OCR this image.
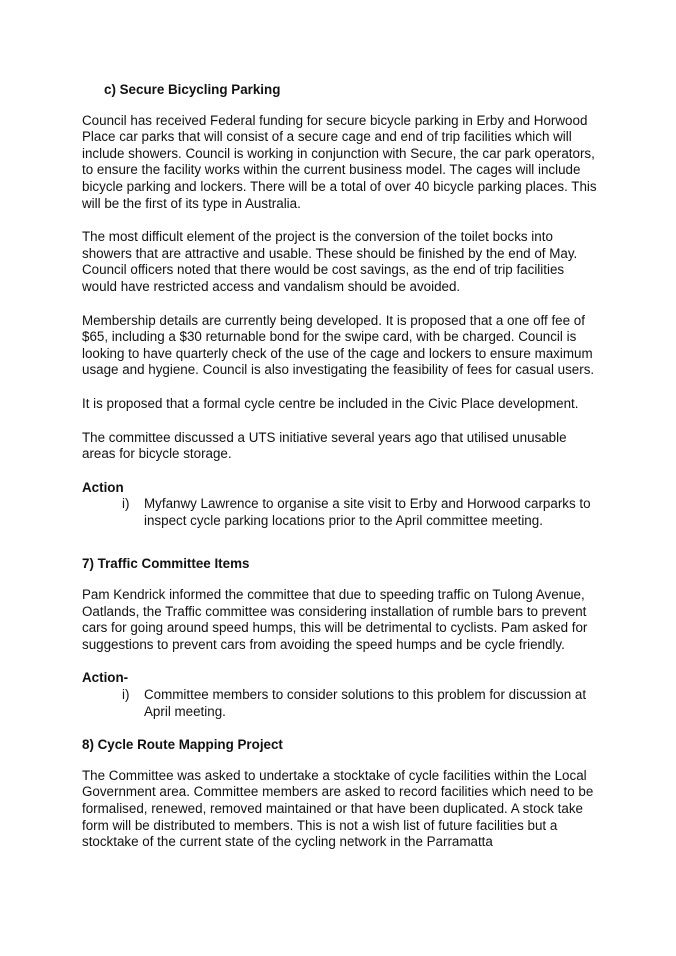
c) Secure Bicycling Parking

Council has received Federal funding for secure bicycle parking in Erby and Horwood Place car parks that will consist of a secure cage and end of trip facilities which will include showers. Council is working in conjunction with Secure, the car park operators, to ensure the facility works within the current business model. The cages will include bicycle parking and lockers. There will be a total of over 40 bicycle parking places. This will be the first of its type in Australia.

The most difficult element of the project is the conversion of the toilet bocks into showers that are attractive and usable. These should be finished by the end of May. Council officers noted that there would be cost savings, as the end of trip facilities would have restricted access and vandalism should be avoided.

Membership details are currently being developed. It is proposed that a one off fee of $65, including a $30 returnable bond for the swipe card, with be charged. Council is looking to have quarterly check of the use of the cage and lockers to ensure maximum usage and hygiene. Council is also investigating the feasibility of fees for casual users.

It is proposed that a formal cycle centre be included in the Civic Place development.

The committee discussed a UTS initiative several years ago that utilised unusable areas for bicycle storage.

Action
i)	Myfanwy Lawrence to organise a site visit to Erby and Horwood carparks to inspect cycle parking locations prior to the April committee meeting.
7) Traffic Committee Items

Pam Kendrick informed the committee that due to speeding traffic on Tulong Avenue, Oatlands, the Traffic committee was considering installation of rumble bars to prevent cars for going around speed humps, this will be detrimental to cyclists. Pam asked for suggestions to prevent cars from avoiding the speed humps and be cycle friendly.

Action-
i)	Committee members to consider solutions to this problem for discussion at April meeting.
8) Cycle Route Mapping Project

The Committee was asked to undertake a stocktake of cycle facilities within the Local Government area. Committee members are asked to record facilities which need to be formalised, renewed, removed maintained or that have been duplicated. A stock take form will be distributed to members. This is not a wish list of future facilities but a stocktake of the current state of the cycling network in the Parramatta
